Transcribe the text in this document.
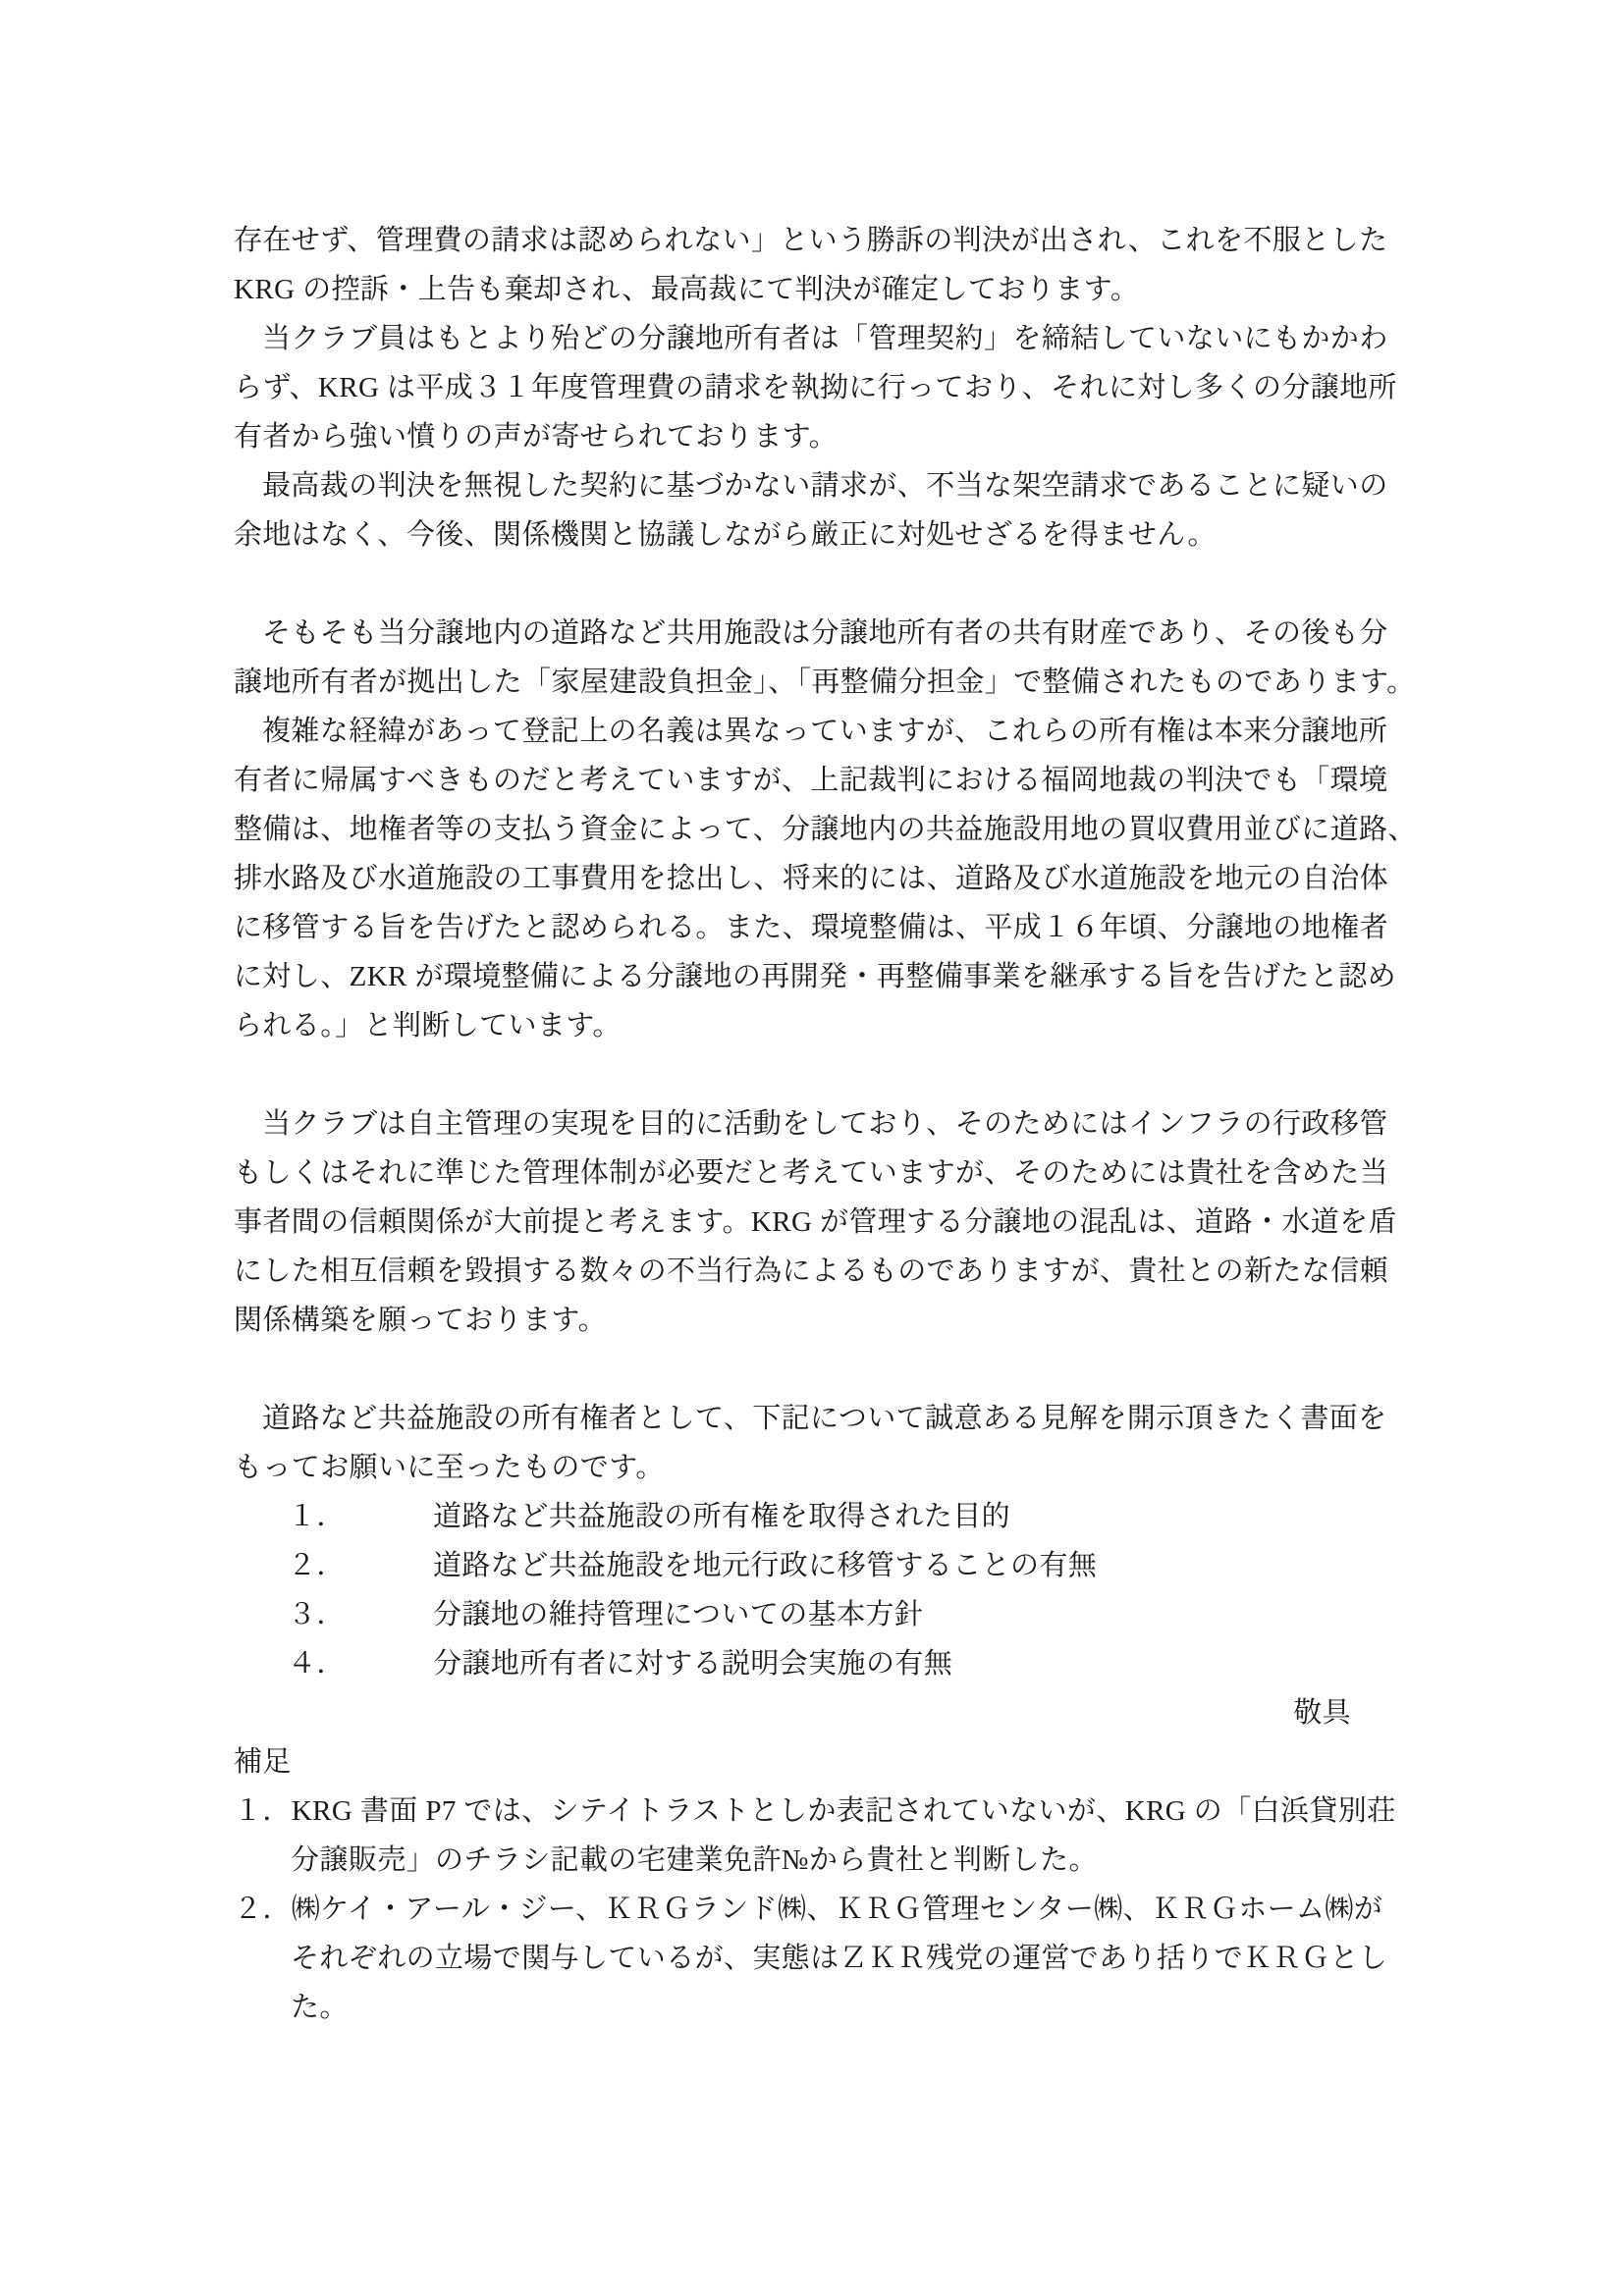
存在せず、管理費の請求は認められない」という勝訴の判決が出され、これを不服とした
KRG の控訴・上告も棄却され、最高裁にて判決が確定しております。
当クラブ員はもとより殆どの分譲地所有者は「管理契約」を締結していないにもかかわ
らず、KRG は平成３１年度管理費の請求を執拗に行っており、それに対し多くの分譲地所
有者から強い憤りの声が寄せられております。
最高裁の判決を無視した契約に基づかない請求が、不当な架空請求であることに疑いの
余地はなく、今後、関係機関と協議しながら厳正に対処せざるを得ません。
そもそも当分譲地内の道路など共用施設は分譲地所有者の共有財産であり、その後も分
譲地所有者が拠出した「家屋建設負担金」、「再整備分担金」で整備されたものであります。
複雑な経緯があって登記上の名義は異なっていますが、これらの所有権は本来分譲地所
有者に帰属すべきものだと考えていますが、上記裁判における福岡地裁の判決でも「環境
整備は、地権者等の支払う資金によって、分譲地内の共益施設用地の買収費用並びに道路、
排水路及び水道施設の工事費用を捻出し、将来的には、道路及び水道施設を地元の自治体
に移管する旨を告げたと認められる。また、環境整備は、平成１６年頃、分譲地の地権者
に対し、ZKR が環境整備による分譲地の再開発・再整備事業を継承する旨を告げたと認め
られる。」と判断しています。
当クラブは自主管理の実現を目的に活動をしており、そのためにはインフラの行政移管
もしくはそれに準じた管理体制が必要だと考えていますが、そのためには貴社を含めた当
事者間の信頼関係が大前提と考えます。KRG が管理する分譲地の混乱は、道路・水道を盾
にした相互信頼を毀損する数々の不当行為によるものでありますが、貴社との新たな信頼
関係構築を願っております。
道路など共益施設の所有権者として、下記について誠意ある見解を開示頂きたく書面を
もってお願いに至ったものです。
１．	道路など共益施設の所有権を取得された目的
２．	道路など共益施設を地元行政に移管することの有無
３．	分譲地の維持管理についての基本方針
４．	分譲地所有者に対する説明会実施の有無
敬具
補足
１．KRG 書面 P7 では、シテイトラストとしか表記されていないが、KRG の「白浜貸別荘
分譲販売」のチラシ記載の宅建業免許№から貴社と判断した。
２．㈱ケイ・アール・ジー、ＫＲＧランド㈱、ＫＲＧ管理センター㈱、ＫＲＧホーム㈱が
それぞれの立場で関与しているが、実態はＺＫＲ残党の運営であり括りでＫＲＧとし
た。
